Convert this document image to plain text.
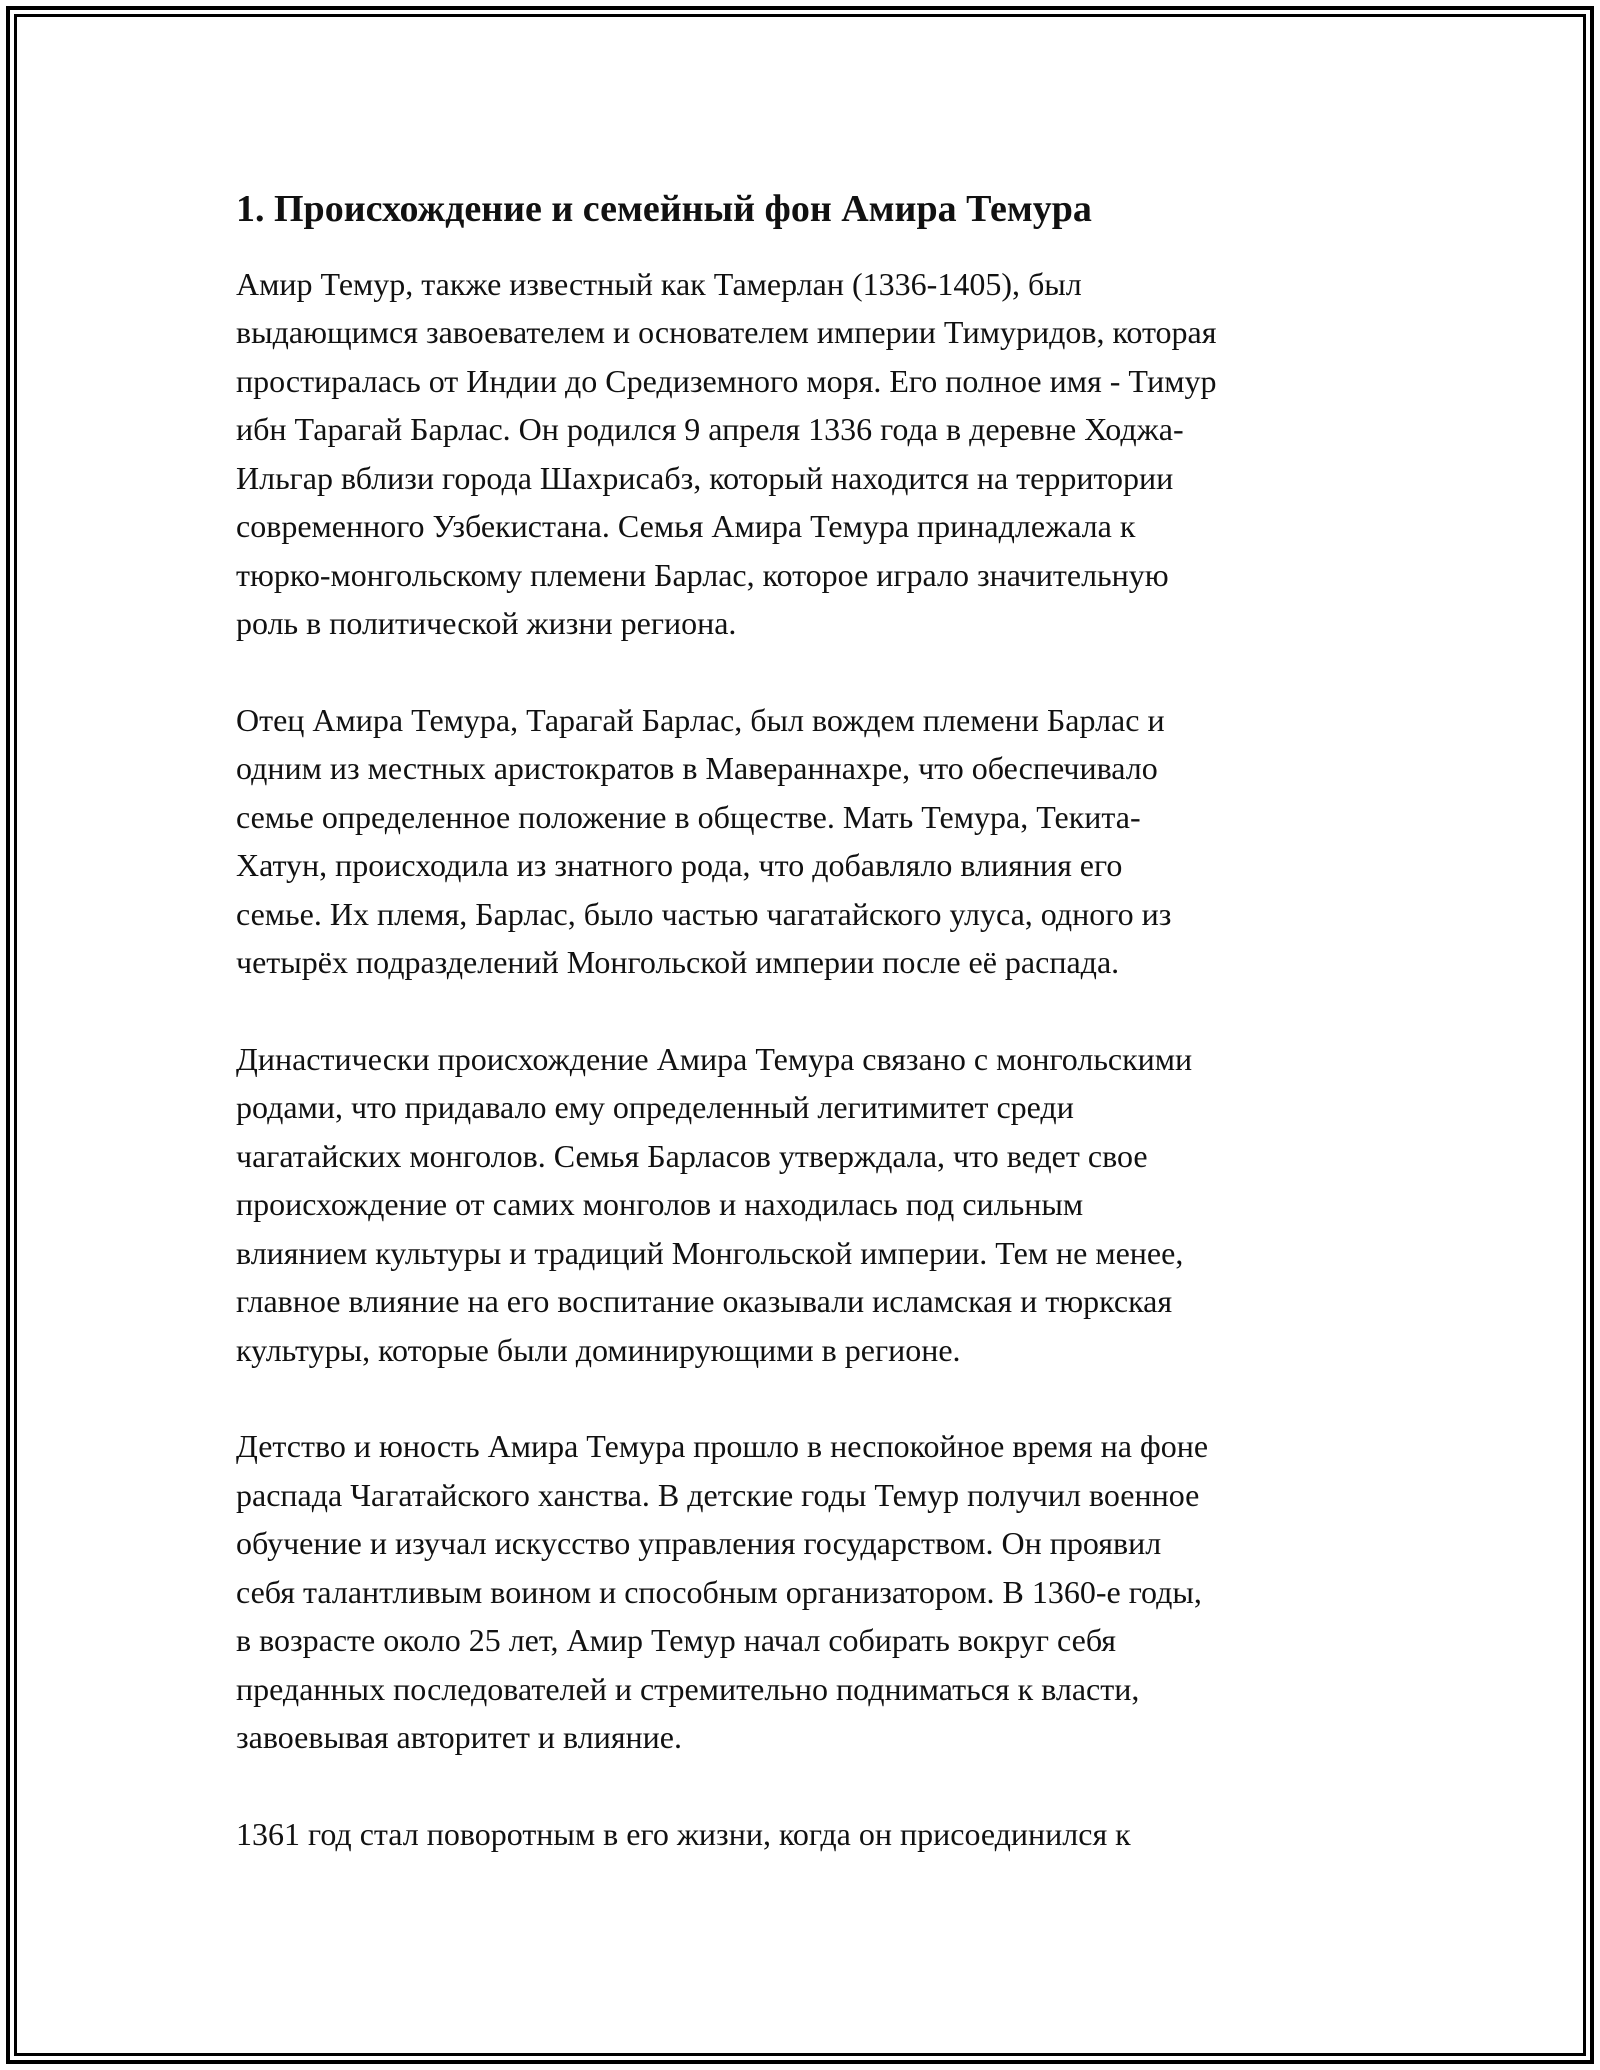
1. Происхождение и семейный фон Амира Темура

Амир Темур, также известный как Тамерлан (1336-1405), был
выдающимся завоевателем и основателем империи Тимуридов, которая
простиралась от Индии до Средиземного моря. Его полное имя - Тимур
ибн Тарагай Барлас. Он родился 9 апреля 1336 года в деревне Ходжа-
Ильгар вблизи города Шахрисабз, который находится на территории
современного Узбекистана. Семья Амира Темура принадлежала к
тюрко-монгольскому племени Барлас, которое играло значительную
роль в политической жизни региона.

Отец Амира Темура, Тарагай Барлас, был вождем племени Барлас и
одним из местных аристократов в Мавераннахре, что обеспечивало
семье определенное положение в обществе. Мать Темура, Текита-
Хатун, происходила из знатного рода, что добавляло влияния его
семье. Их племя, Барлас, было частью чагатайского улуса, одного из
четырёх подразделений Монгольской империи после её распада.

Династически происхождение Амира Темура связано с монгольскими
родами, что придавало ему определенный легитимитет среди
чагатайских монголов. Семья Барласов утверждала, что ведет свое
происхождение от самих монголов и находилась под сильным
влиянием культуры и традиций Монгольской империи. Тем не менее,
главное влияние на его воспитание оказывали исламская и тюркская
культуры, которые были доминирующими в регионе.

Детство и юность Амира Темура прошло в неспокойное время на фоне
распада Чагатайского ханства. В детские годы Темур получил военное
обучение и изучал искусство управления государством. Он проявил
себя талантливым воином и способным организатором. В 1360-е годы,
в возрасте около 25 лет, Амир Темур начал собирать вокруг себя
преданных последователей и стремительно подниматься к власти,
завоевывая авторитет и влияние.

1361 год стал поворотным в его жизни, когда он присоединился к
